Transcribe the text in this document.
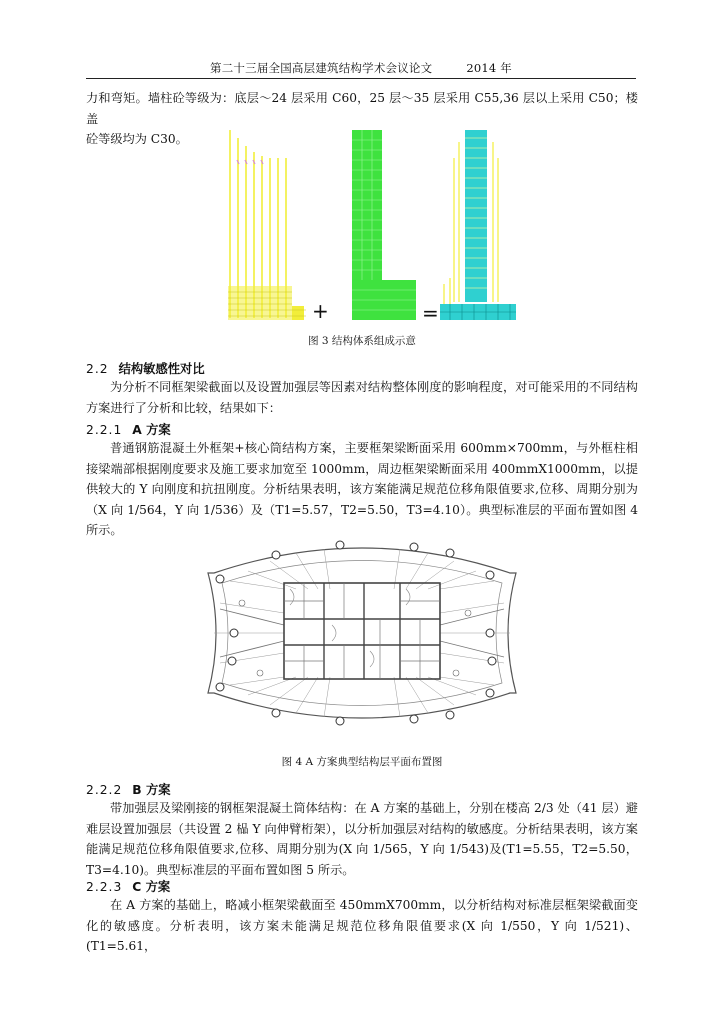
第二十三届全国高层建筑结构学术会议论文	2014 年

力和弯矩。墙柱砼等级为：底层～24 层采用 C60，25 层～35 层采用 C55,36 层以上采用 C50；楼盖
砼等级均为 C30。

+	=

图 3 结构体系组成示意

2.2 结构敏感性对比

为分析不同框架梁截面以及设置加强层等因素对结构整体刚度的影响程度，对可能采用的不同结构方案进行了分析和比较，结果如下：

2.2.1 A 方案

普通钢筋混凝土外框架+核心筒结构方案，主要框架梁断面采用 600mm×700mm，与外框柱相接梁端部根据刚度要求及施工要求加宽至 1000mm，周边框架梁断面采用 400mmX1000mm，以提供较大的 Y 向刚度和抗扭刚度。分析结果表明，该方案能满足规范位移角限值要求,位移、周期分别为（X 向 1/564，Y 向 1/536）及（T1=5.57，T2=5.50，T3=4.10）。典型标准层的平面布置如图 4 所示。

图 4 A 方案典型结构层平面布置图

2.2.2 B 方案

带加强层及梁刚接的钢框架混凝土筒体结构：在 A 方案的基础上，分别在楼高 2/3 处（41 层）避难层设置加强层（共设置 2 榀 Y 向伸臂桁架），以分析加强层对结构的敏感度。分析结果表明，该方案能满足规范位移角限值要求,位移、周期分别为(X 向 1/565，Y 向 1/543)及(T1=5.55，T2=5.50，T3=4.10)。典型标准层的平面布置如图 5 所示。

2.2.3 C 方案

在 A 方案的基础上，略减小框架梁截面至 450mmX700mm，以分析结构对标准层框架梁截面变化的敏感度。分析表明，该方案未能满足规范位移角限值要求(X 向 1/550，Y 向 1/521)、(T1=5.61，
